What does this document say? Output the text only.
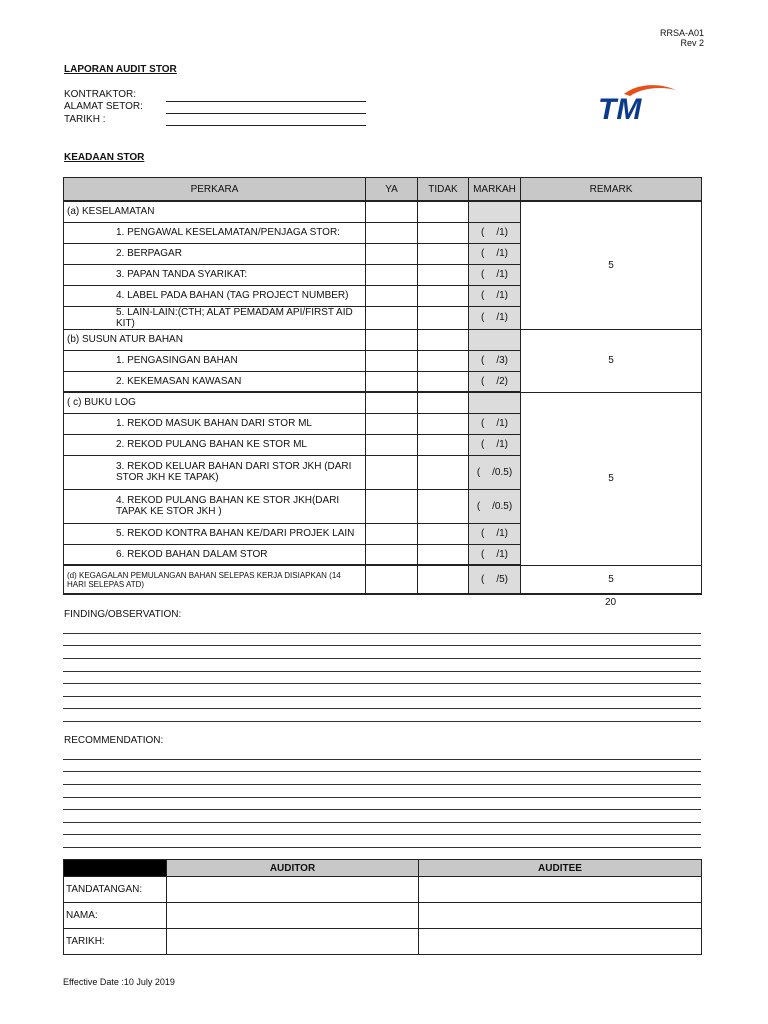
RRSA-A01
Rev 2
LAPORAN AUDIT STOR
KONTRAKTOR:
ALAMAT SETOR:
TARIKH :	TM
KEADAAN STOR
PERKARA	YA	TIDAK	MARKAH	REMARK
(a) KESELAMATAN				5
1. PENGAWAL KESELAMATAN/PENJAGA STOR:			( /1)	

2. BERPAGAR			( /1)	

3. PAPAN TANDA SYARIKAT:			( /1)	

4. LABEL PADA BAHAN (TAG PROJECT NUMBER)			( /1)	

5. LAIN-LAIN:(CTH; ALAT PEMADAM API/FIRST AID KIT)			( /1)	

(b) SUSUN ATUR BAHAN				5
1. PENGASINGAN BAHAN			( /3)	

2. KEKEMASAN KAWASAN			( /2)	

( c) BUKU LOG				5
1. REKOD MASUK BAHAN DARI STOR ML			( /1)	

2. REKOD PULANG BAHAN KE STOR ML			( /1)	

3. REKOD KELUAR BAHAN DARI STOR JKH (DARI STOR JKH KE TAPAK)			( /0.5)	

4. REKOD PULANG BAHAN KE STOR JKH(DARI TAPAK KE STOR JKH )			( /0.5)	

5. REKOD KONTRA BAHAN KE/DARI PROJEK LAIN			( /1)	

6. REKOD BAHAN DALAM STOR			( /1)	

(d) KEGAGALAN PEMULANGAN BAHAN SELEPAS KERJA DISIAPKAN (14 HARI SELEPAS ATD)			( /5)	5
20
FINDING/OBSERVATION:
RECOMMENDATION:
	AUDITOR	AUDITEE
TANDATANGAN:		
NAMA:		
TARIKH:		
Effective Date :10 July 2019
